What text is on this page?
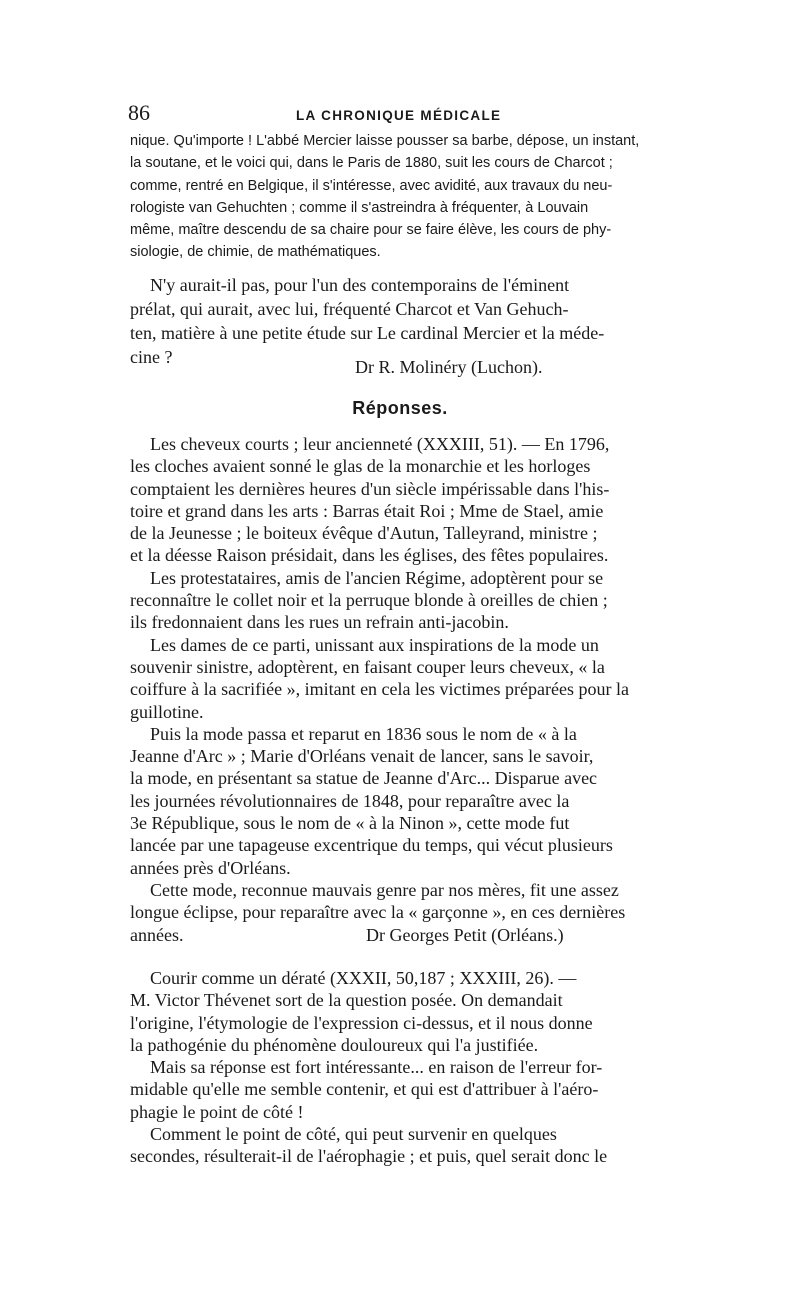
86	LA CHRONIQUE MÉDICALE

nique. Qu'importe ! L'abbé Mercier laisse pousser sa barbe, dépose, un instant,

la soutane, et le voici qui, dans le Paris de 1880, suit les cours de Charcot ;

comme, rentré en Belgique, il s'intéresse, avec avidité, aux travaux du neu-

rologiste van Gehuchten ; comme il s'astreindra à fréquenter, à Louvain

même, maître descendu de sa chaire pour se faire élève, les cours de phy-

siologie, de chimie, de mathématiques.

N'y aurait-il pas, pour l'un des contemporains de l'éminent

prélat, qui aurait, avec lui, fréquenté Charcot et Van Gehuch-

ten, matière à une petite étude sur Le cardinal Mercier et la méde-

cine ?	Dr R. Molinéry (Luchon).
Réponses.

Les cheveux courts ; leur ancienneté (XXXIII, 51). — En 1796,

les cloches avaient sonné le glas de la monarchie et les horloges

comptaient les dernières heures d'un siècle impérissable dans l'his-

toire et grand dans les arts : Barras était Roi ; Mme de Stael, amie

de la Jeunesse ; le boiteux évêque d'Autun, Talleyrand, ministre ;

et la déesse Raison présidait, dans les églises, des fêtes populaires.

Les protestataires, amis de l'ancien Régime, adoptèrent pour se

reconnaître le collet noir et la perruque blonde à oreilles de chien ;

ils fredonnaient dans les rues un refrain anti-jacobin.

Les dames de ce parti, unissant aux inspirations de la mode un

souvenir sinistre, adoptèrent, en faisant couper leurs cheveux, « la

coiffure à la sacrifiée », imitant en cela les victimes préparées pour la

guillotine.

Puis la mode passa et reparut en 1836 sous le nom de « à la

Jeanne d'Arc » ; Marie d'Orléans venait de lancer, sans le savoir,

la mode, en présentant sa statue de Jeanne d'Arc... Disparue avec

les journées révolutionnaires de 1848, pour reparaître avec la

3e République, sous le nom de « à la Ninon », cette mode fut

lancée par une tapageuse excentrique du temps, qui vécut plusieurs

années près d'Orléans.

Cette mode, reconnue mauvais genre par nos mères, fit une assez

longue éclipse, pour reparaître avec la « garçonne », en ces dernières

années.	Dr Georges Petit (Orléans.)

Courir comme un dératé (XXXII, 50,187 ; XXXIII, 26). —

M. Victor Thévenet sort de la question posée. On demandait

l'origine, l'étymologie de l'expression ci-dessus, et il nous donne

la pathogénie du phénomène douloureux qui l'a justifiée.

Mais sa réponse est fort intéressante... en raison de l'erreur for-

midable qu'elle me semble contenir, et qui est d'attribuer à l'aéro-

phagie le point de côté !

Comment le point de côté, qui peut survenir en quelques

secondes, résulterait-il de l'aérophagie ; et puis, quel serait donc le
